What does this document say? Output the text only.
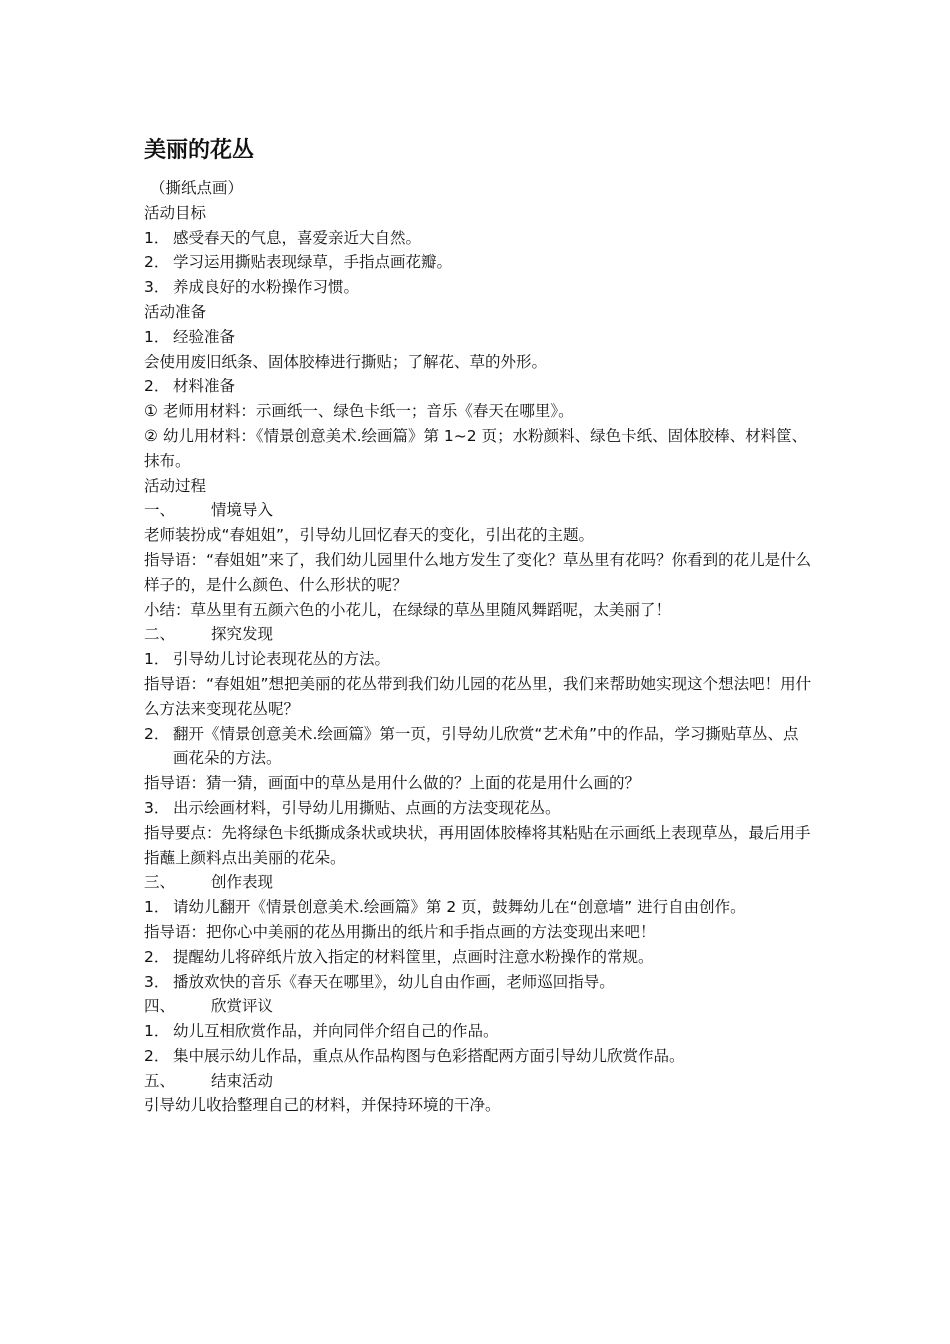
美丽的花丛

（撕纸点画）

活动目标

1． 感受春天的气息，喜爱亲近大自然。

2． 学习运用撕贴表现绿草，手指点画花瓣。

3． 养成良好的水粉操作习惯。

活动准备

1． 经验准备

会使用废旧纸条、固体胶棒进行撕贴；了解花、草的外形。

2． 材料准备

① 老师用材料：示画纸一、绿色卡纸一；音乐《春天在哪里》。

② 幼儿用材料：《情景创意美术.绘画篇》第 1~2 页；水粉颜料、绿色卡纸、固体胶棒、材料筐、抹布。

活动过程

一、 情境导入

老师装扮成“春姐姐”，引导幼儿回忆春天的变化，引出花的主题。

指导语：“春姐姐”来了，我们幼儿园里什么地方发生了变化？草丛里有花吗？你看到的花儿是什么样子的，是什么颜色、什么形状的呢？

小结：草丛里有五颜六色的小花儿，在绿绿的草丛里随风舞蹈呢，太美丽了！

二、 探究发现

1． 引导幼儿讨论表现花丛的方法。

指导语：“春姐姐”想把美丽的花丛带到我们幼儿园的花丛里，我们来帮助她实现这个想法吧！用什么方法来变现花丛呢？

2． 翻开《情景创意美术.绘画篇》第一页，引导幼儿欣赏“艺术角”中的作品，学习撕贴草丛、点画花朵的方法。

指导语：猜一猜，画面中的草丛是用什么做的？上面的花是用什么画的？

3． 出示绘画材料，引导幼儿用撕贴、点画的方法变现花丛。

指导要点：先将绿色卡纸撕成条状或块状，再用固体胶棒将其粘贴在示画纸上表现草丛，最后用手指蘸上颜料点出美丽的花朵。

三、 创作表现

1． 请幼儿翻开《情景创意美术.绘画篇》第 2 页，鼓舞幼儿在“创意墙” 进行自由创作。

指导语：把你心中美丽的花丛用撕出的纸片和手指点画的方法变现出来吧！

2． 提醒幼儿将碎纸片放入指定的材料筐里，点画时注意水粉操作的常规。

3． 播放欢快的音乐《春天在哪里》，幼儿自由作画，老师巡回指导。

四、 欣赏评议

1． 幼儿互相欣赏作品，并向同伴介绍自己的作品。

2． 集中展示幼儿作品，重点从作品构图与色彩搭配两方面引导幼儿欣赏作品。

五、 结束活动

引导幼儿收拾整理自己的材料，并保持环境的干净。
